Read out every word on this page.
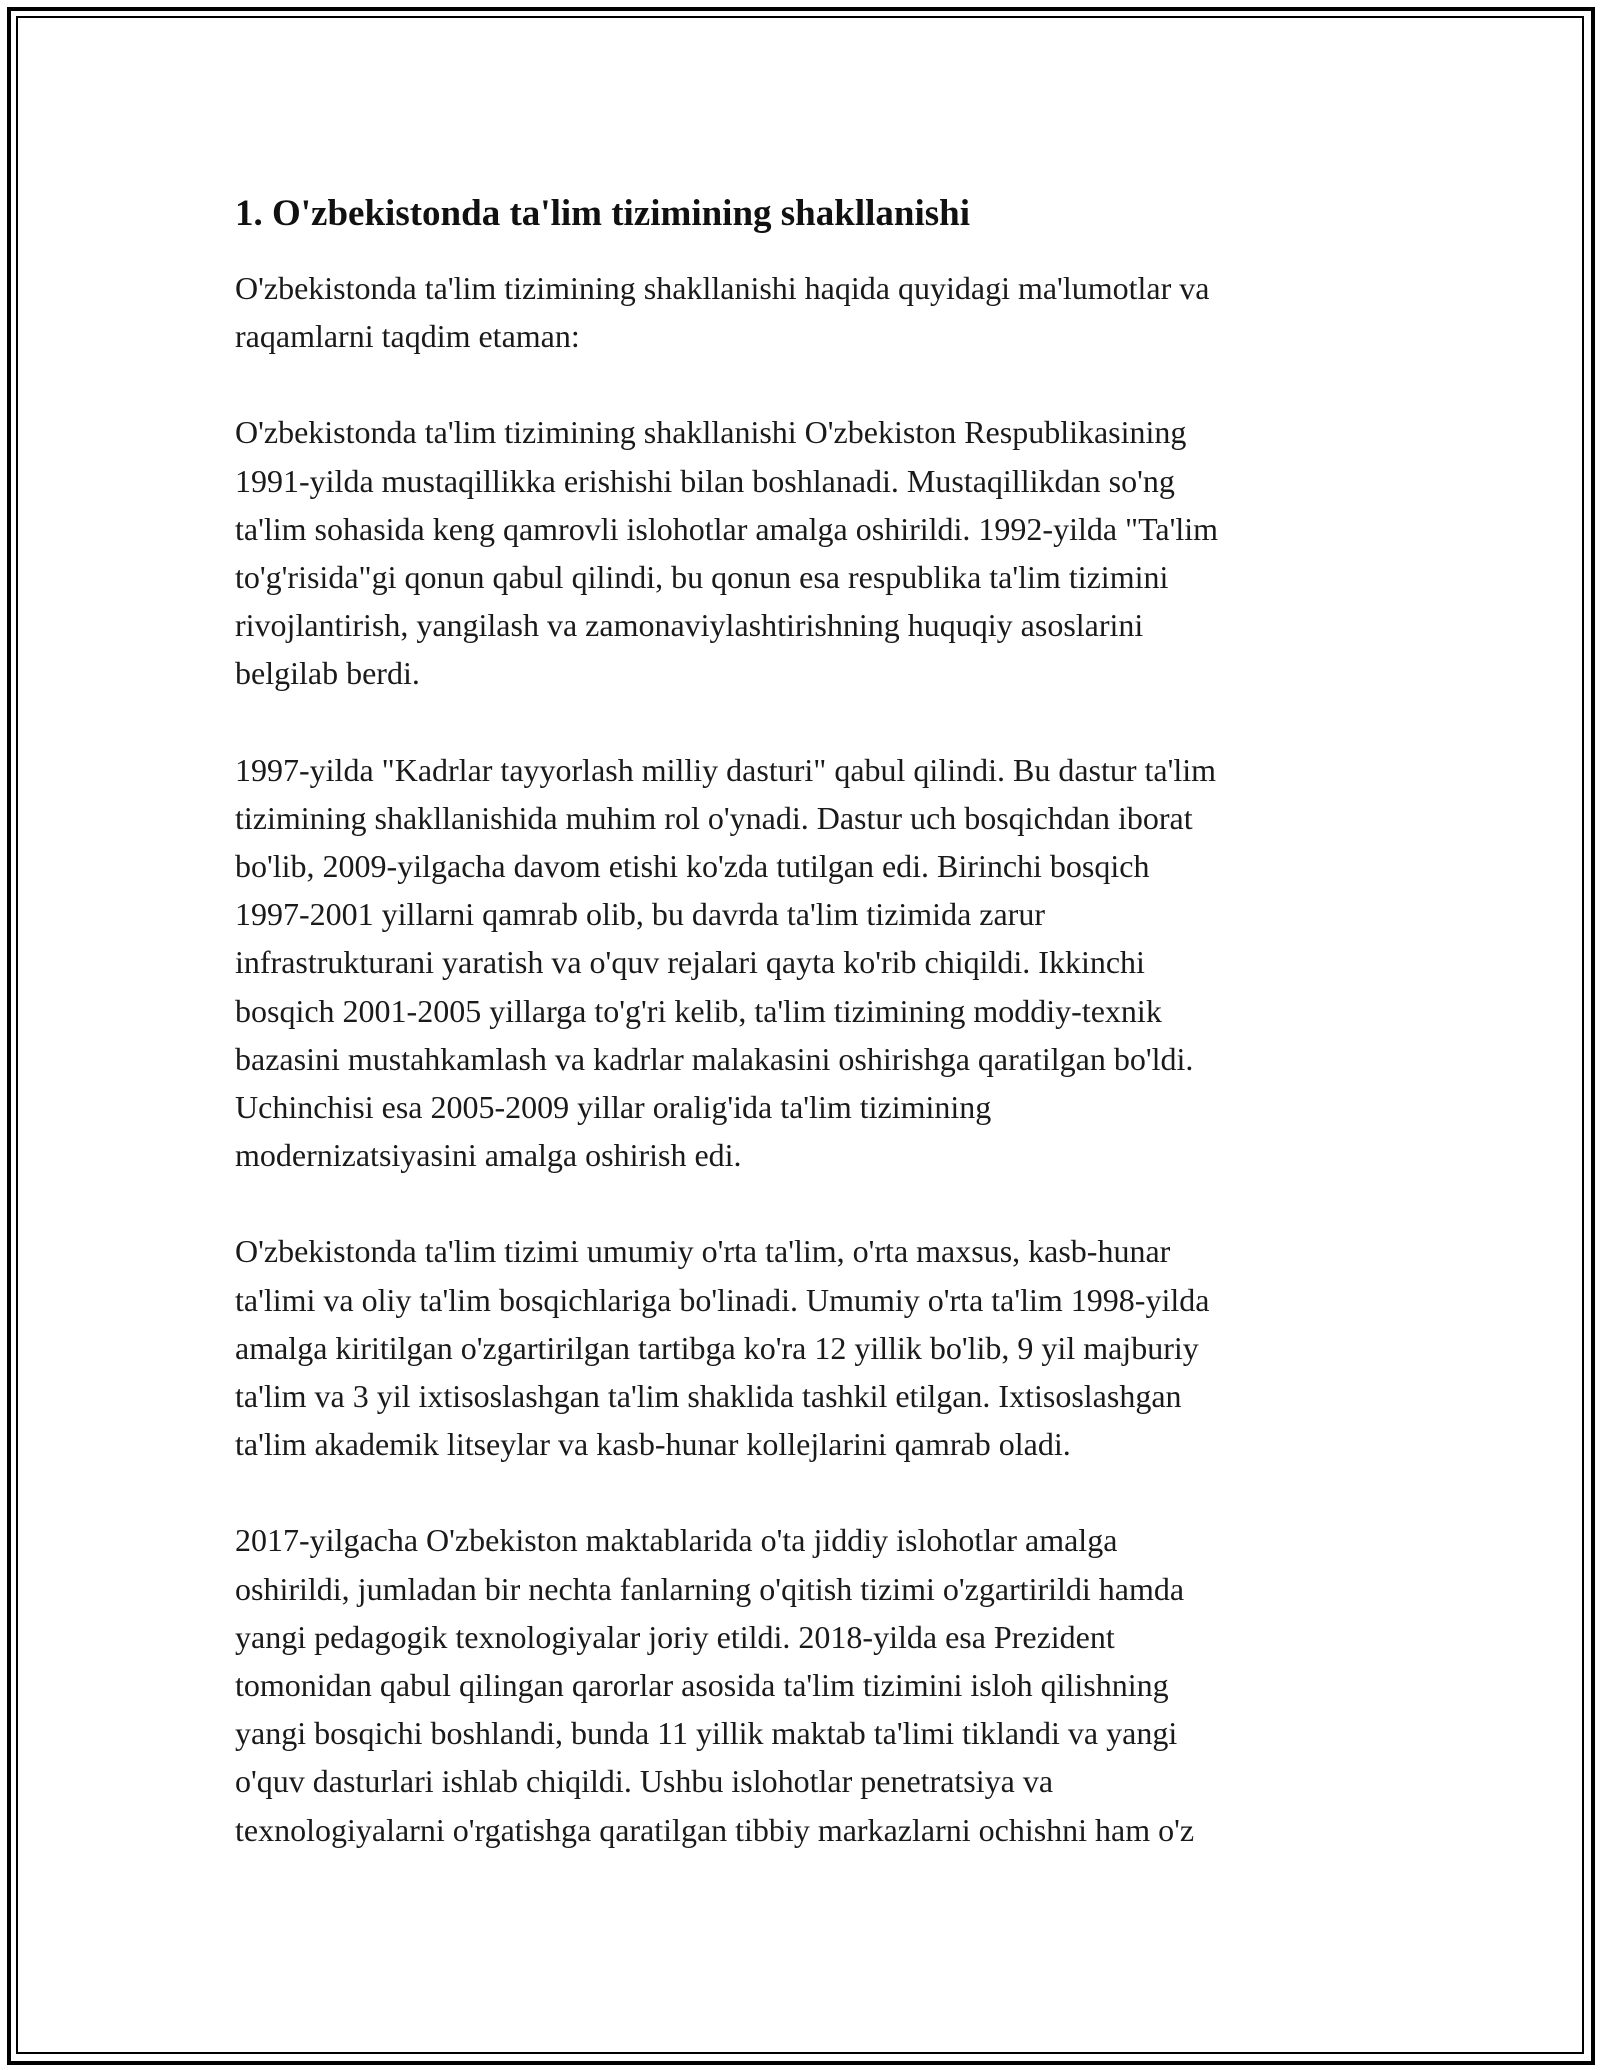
1. O'zbekistonda ta'lim tizimining shakllanishi

O'zbekistonda ta'lim tizimining shakllanishi haqida quyidagi ma'lumotlar va
raqamlarni taqdim etaman:

O'zbekistonda ta'lim tizimining shakllanishi O'zbekiston Respublikasining
1991-yilda mustaqillikka erishishi bilan boshlanadi. Mustaqillikdan so'ng
ta'lim sohasida keng qamrovli islohotlar amalga oshirildi. 1992-yilda "Ta'lim
to'g'risida"gi qonun qabul qilindi, bu qonun esa respublika ta'lim tizimini
rivojlantirish, yangilash va zamonaviylashtirishning huquqiy asoslarini
belgilab berdi.

1997-yilda "Kadrlar tayyorlash milliy dasturi" qabul qilindi. Bu dastur ta'lim
tizimining shakllanishida muhim rol o'ynadi. Dastur uch bosqichdan iborat
bo'lib, 2009-yilgacha davom etishi ko'zda tutilgan edi. Birinchi bosqich
1997-2001 yillarni qamrab olib, bu davrda ta'lim tizimida zarur
infrastrukturani yaratish va o'quv rejalari qayta ko'rib chiqildi. Ikkinchi
bosqich 2001-2005 yillarga to'g'ri kelib, ta'lim tizimining moddiy-texnik
bazasini mustahkamlash va kadrlar malakasini oshirishga qaratilgan bo'ldi.
Uchinchisi esa 2005-2009 yillar oralig'ida ta'lim tizimining
modernizatsiyasini amalga oshirish edi.

O'zbekistonda ta'lim tizimi umumiy o'rta ta'lim, o'rta maxsus, kasb-hunar
ta'limi va oliy ta'lim bosqichlariga bo'linadi. Umumiy o'rta ta'lim 1998-yilda
amalga kiritilgan o'zgartirilgan tartibga ko'ra 12 yillik bo'lib, 9 yil majburiy
ta'lim va 3 yil ixtisoslashgan ta'lim shaklida tashkil etilgan. Ixtisoslashgan
ta'lim akademik litseylar va kasb-hunar kollejlarini qamrab oladi.

2017-yilgacha O'zbekiston maktablarida o'ta jiddiy islohotlar amalga
oshirildi, jumladan bir nechta fanlarning o'qitish tizimi o'zgartirildi hamda
yangi pedagogik texnologiyalar joriy etildi. 2018-yilda esa Prezident
tomonidan qabul qilingan qarorlar asosida ta'lim tizimini isloh qilishning
yangi bosqichi boshlandi, bunda 11 yillik maktab ta'limi tiklandi va yangi
o'quv dasturlari ishlab chiqildi. Ushbu islohotlar penetratsiya va
texnologiyalarni o'rgatishga qaratilgan tibbiy markazlarni ochishni ham o'z
